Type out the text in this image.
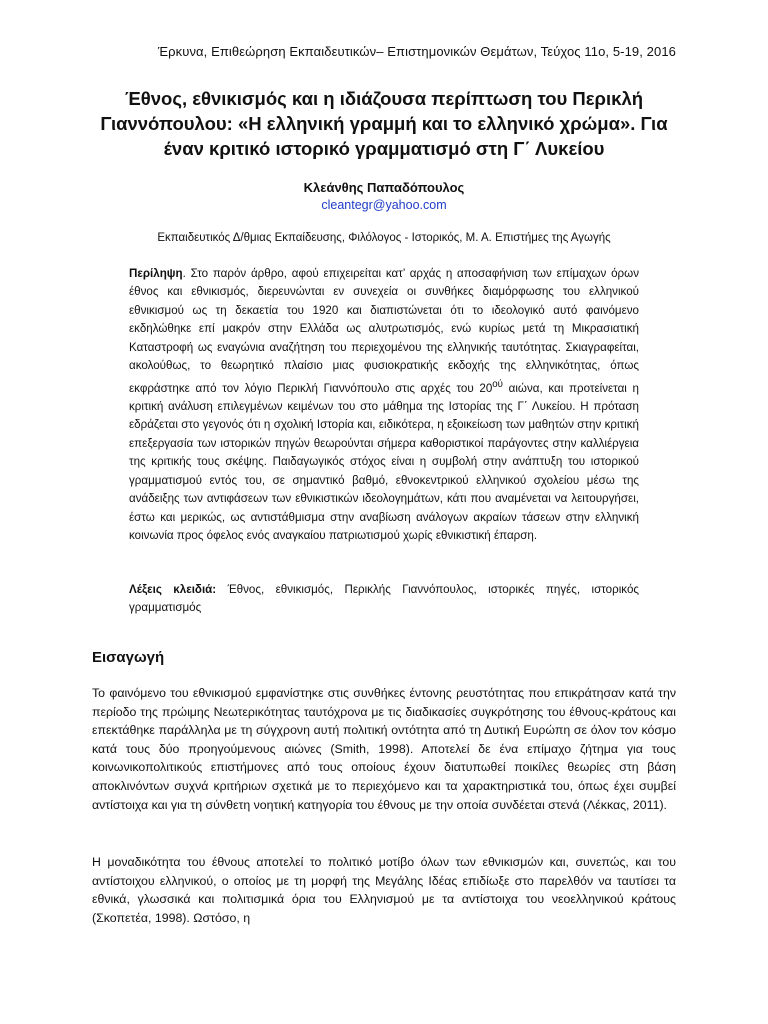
Έρκυνα, Επιθεώρηση Εκπαιδευτικών– Επιστημονικών Θεμάτων, Τεύχος 11ο, 5-19, 2016
Έθνος, εθνικισμός και η ιδιάζουσα περίπτωση του Περικλή Γιαννόπουλου: «Η ελληνική γραμμή και το ελληνικό χρώμα». Για έναν κριτικό ιστορικό γραμματισμό στη Γ΄ Λυκείου
Κλεάνθης Παπαδόπουλος
cleantegr@yahoo.com
Εκπαιδευτικός Δ/θμιας Εκπαίδευσης, Φιλόλογος - Ιστορικός, Μ. Α. Επιστήμες της Αγωγής

Περίληψη. Στο παρόν άρθρο, αφού επιχειρείται κατ’ αρχάς η αποσαφήνιση των επίμαχων όρων έθνος και εθνικισμός, διερευνώνται εν συνεχεία οι συνθήκες διαμόρφωσης του ελληνικού εθνικισμού ως τη δεκαετία του 1920 και διαπιστώνεται ότι το ιδεολογικό αυτό φαινόμενο εκδηλώθηκε επί μακρόν στην Ελλάδα ως αλυτρωτισμός, ενώ κυρίως μετά τη Μικρασιατική Καταστροφή ως εναγώνια αναζήτηση του περιεχομένου της ελληνικής ταυτότητας. Σκιαγραφείται, ακολούθως, το θεωρητικό πλαίσιο μιας φυσιοκρατικής εκδοχής της ελληνικότητας, όπως εκφράστηκε από τον λόγιο Περικλή Γιαννόπουλο στις αρχές του $20^{oύ}$ αιώνα, και προτείνεται η κριτική ανάλυση επιλεγμένων κειμένων του στο μάθημα της Ιστορίας της Γ΄ Λυκείου. Η πρόταση εδράζεται στο γεγονός ότι η σχολική Ιστορία και, ειδικότερα, η εξοικείωση των μαθητών στην κριτική επεξεργασία των ιστορικών πηγών θεωρούνται σήμερα καθοριστικοί παράγοντες στην καλλιέργεια της κριτικής τους σκέψης. Παιδαγωγικός στόχος είναι η συμβολή στην ανάπτυξη του ιστορικού γραμματισμού εντός του, σε σημαντικό βαθμό, εθνοκεντρικού ελληνικού σχολείου μέσω της ανάδειξης των αντιφάσεων των εθνικιστικών ιδεολογημάτων, κάτι που αναμένεται να λειτουργήσει, έστω και μερικώς, ως αντιστάθμισμα στην αναβίωση ανάλογων ακραίων τάσεων στην ελληνική κοινωνία προς όφελος ενός αναγκαίου πατριωτισμού χωρίς εθνικιστική έπαρση.

Λέξεις κλειδιά: Έθνος, εθνικισμός, Περικλής Γιαννόπουλος, ιστορικές πηγές, ιστορικός γραμματισμός

Εισαγωγή

Το φαινόμενο του εθνικισμού εμφανίστηκε στις συνθήκες έντονης ρευστότητας που επικράτησαν κατά την περίοδο της πρώιμης Νεωτερικότητας ταυτόχρονα με τις διαδικασίες συγκρότησης του έθνους-κράτους και επεκτάθηκε παράλληλα με τη σύγχρονη αυτή πολιτική οντότητα από τη Δυτική Ευρώπη σε όλον τον κόσμο κατά τους δύο προηγούμενους αιώνες (Smith, 1998). Αποτελεί δε ένα επίμαχο ζήτημα για τους κοινωνικοπολιτικούς επιστήμονες από τους οποίους έχουν διατυπωθεί ποικίλες θεωρίες στη βάση αποκλινόντων συχνά κριτήριων σχετικά με το περιεχόμενο και τα χαρακτηριστικά του, όπως έχει συμβεί αντίστοιχα και για τη σύνθετη νοητική κατηγορία του έθνους με την οποία συνδέεται στενά (Λέκκας, 2011).

Η μοναδικότητα του έθνους αποτελεί το πολιτικό μοτίβο όλων των εθνικισμών και, συνεπώς, και του αντίστοιχου ελληνικού, ο οποίος με τη μορφή της Μεγάλης Ιδέας επιδίωξε στο παρελθόν να ταυτίσει τα εθνικά, γλωσσικά και πολιτισμικά όρια του Ελληνισμού με τα αντίστοιχα του νεοελληνικού κράτους (Σκοπετέα, 1998). Ωστόσο, η
